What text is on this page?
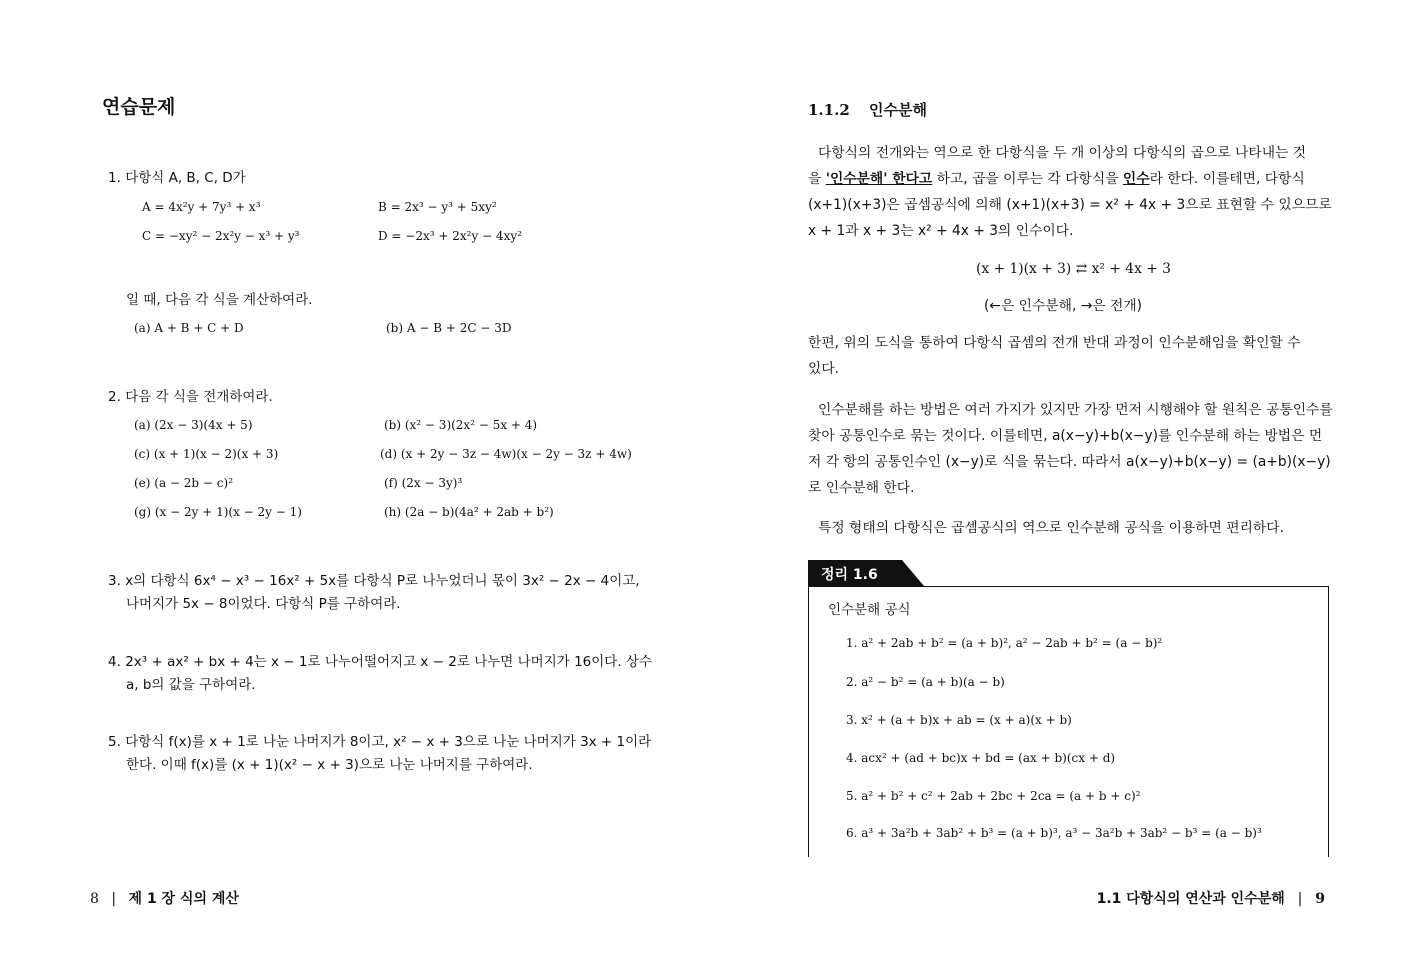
연습문제
1. 다항식 A, B, C, D가
A = 4x²y + 7y³ + x³	B = 2x³ − y³ + 5xy²
C = −xy² − 2x²y − x³ + y³	D = −2x³ + 2x²y − 4xy²
일 때, 다음 각 식을 계산하여라.
(a) A + B + C + D	(b) A − B + 2C − 3D
2. 다음 각 식을 전개하여라.
(a) (2x − 3)(4x + 5)	(b) (x² − 3)(2x² − 5x + 4)
(c) (x + 1)(x − 2)(x + 3)	(d) (x + 2y − 3z − 4w)(x − 2y − 3z + 4w)
(e) (a − 2b − c)²	(f) (2x − 3y)³
(g) (x − 2y + 1)(x − 2y − 1)	(h) (2a − b)(4a² + 2ab + b²)
3. x의 다항식 6x⁴ − x³ − 16x² + 5x를 다항식 P로 나누었더니 몫이 3x² − 2x − 4이고,
나머지가 5x − 8이었다. 다항식 P를 구하여라.
4. 2x³ + ax² + bx + 4는 x − 1로 나누어떨어지고 x − 2로 나누면 나머지가 16이다. 상수
a, b의 값을 구하여라.
5. 다항식 f(x)를 x + 1로 나눈 나머지가 8이고, x² − x + 3으로 나눈 나머지가 3x + 1이라
한다. 이때 f(x)를 (x + 1)(x² − x + 3)으로 나눈 나머지를 구하여라.
8 | 제 1 장 식의 계산
1.1.2 인수분해
다항식의 전개와는 역으로 한 다항식을 두 개 이상의 다항식의 곱으로 나타내는 것
을 '인수분해' 한다고 하고, 곱을 이루는 각 다항식을 인수라 한다. 이를테면, 다항식
(x+1)(x+3)은 곱셈공식에 의해 (x+1)(x+3) = x² + 4x + 3으로 표현할 수 있으므로
x + 1과 x + 3는 x² + 4x + 3의 인수이다.
(x + 1)(x + 3) ⇄ x² + 4x + 3
(←은 인수분해, →은 전개)
한편, 위의 도식을 통하여 다항식 곱셈의 전개 반대 과정이 인수분해임을 확인할 수
있다.
인수분해를 하는 방법은 여러 가지가 있지만 가장 먼저 시행해야 할 원칙은 공통인수를
찾아 공통인수로 묶는 것이다. 이를테면, a(x−y)+b(x−y)를 인수분해 하는 방법은 먼
저 각 항의 공통인수인 (x−y)로 식을 묶는다. 따라서 a(x−y)+b(x−y) = (a+b)(x−y)
로 인수분해 한다.
특정 형태의 다항식은 곱셈공식의 역으로 인수분해 공식을 이용하면 편리하다.
정리 1.6
인수분해 공식
1. a² + 2ab + b² = (a + b)², a² − 2ab + b² = (a − b)²
2. a² − b² = (a + b)(a − b)
3. x² + (a + b)x + ab = (x + a)(x + b)
4. acx² + (ad + bc)x + bd = (ax + b)(cx + d)
5. a² + b² + c² + 2ab + 2bc + 2ca = (a + b + c)²
6. a³ + 3a²b + 3ab² + b³ = (a + b)³, a³ − 3a²b + 3ab² − b³ = (a − b)³
1.1 다항식의 연산과 인수분해 | 9
